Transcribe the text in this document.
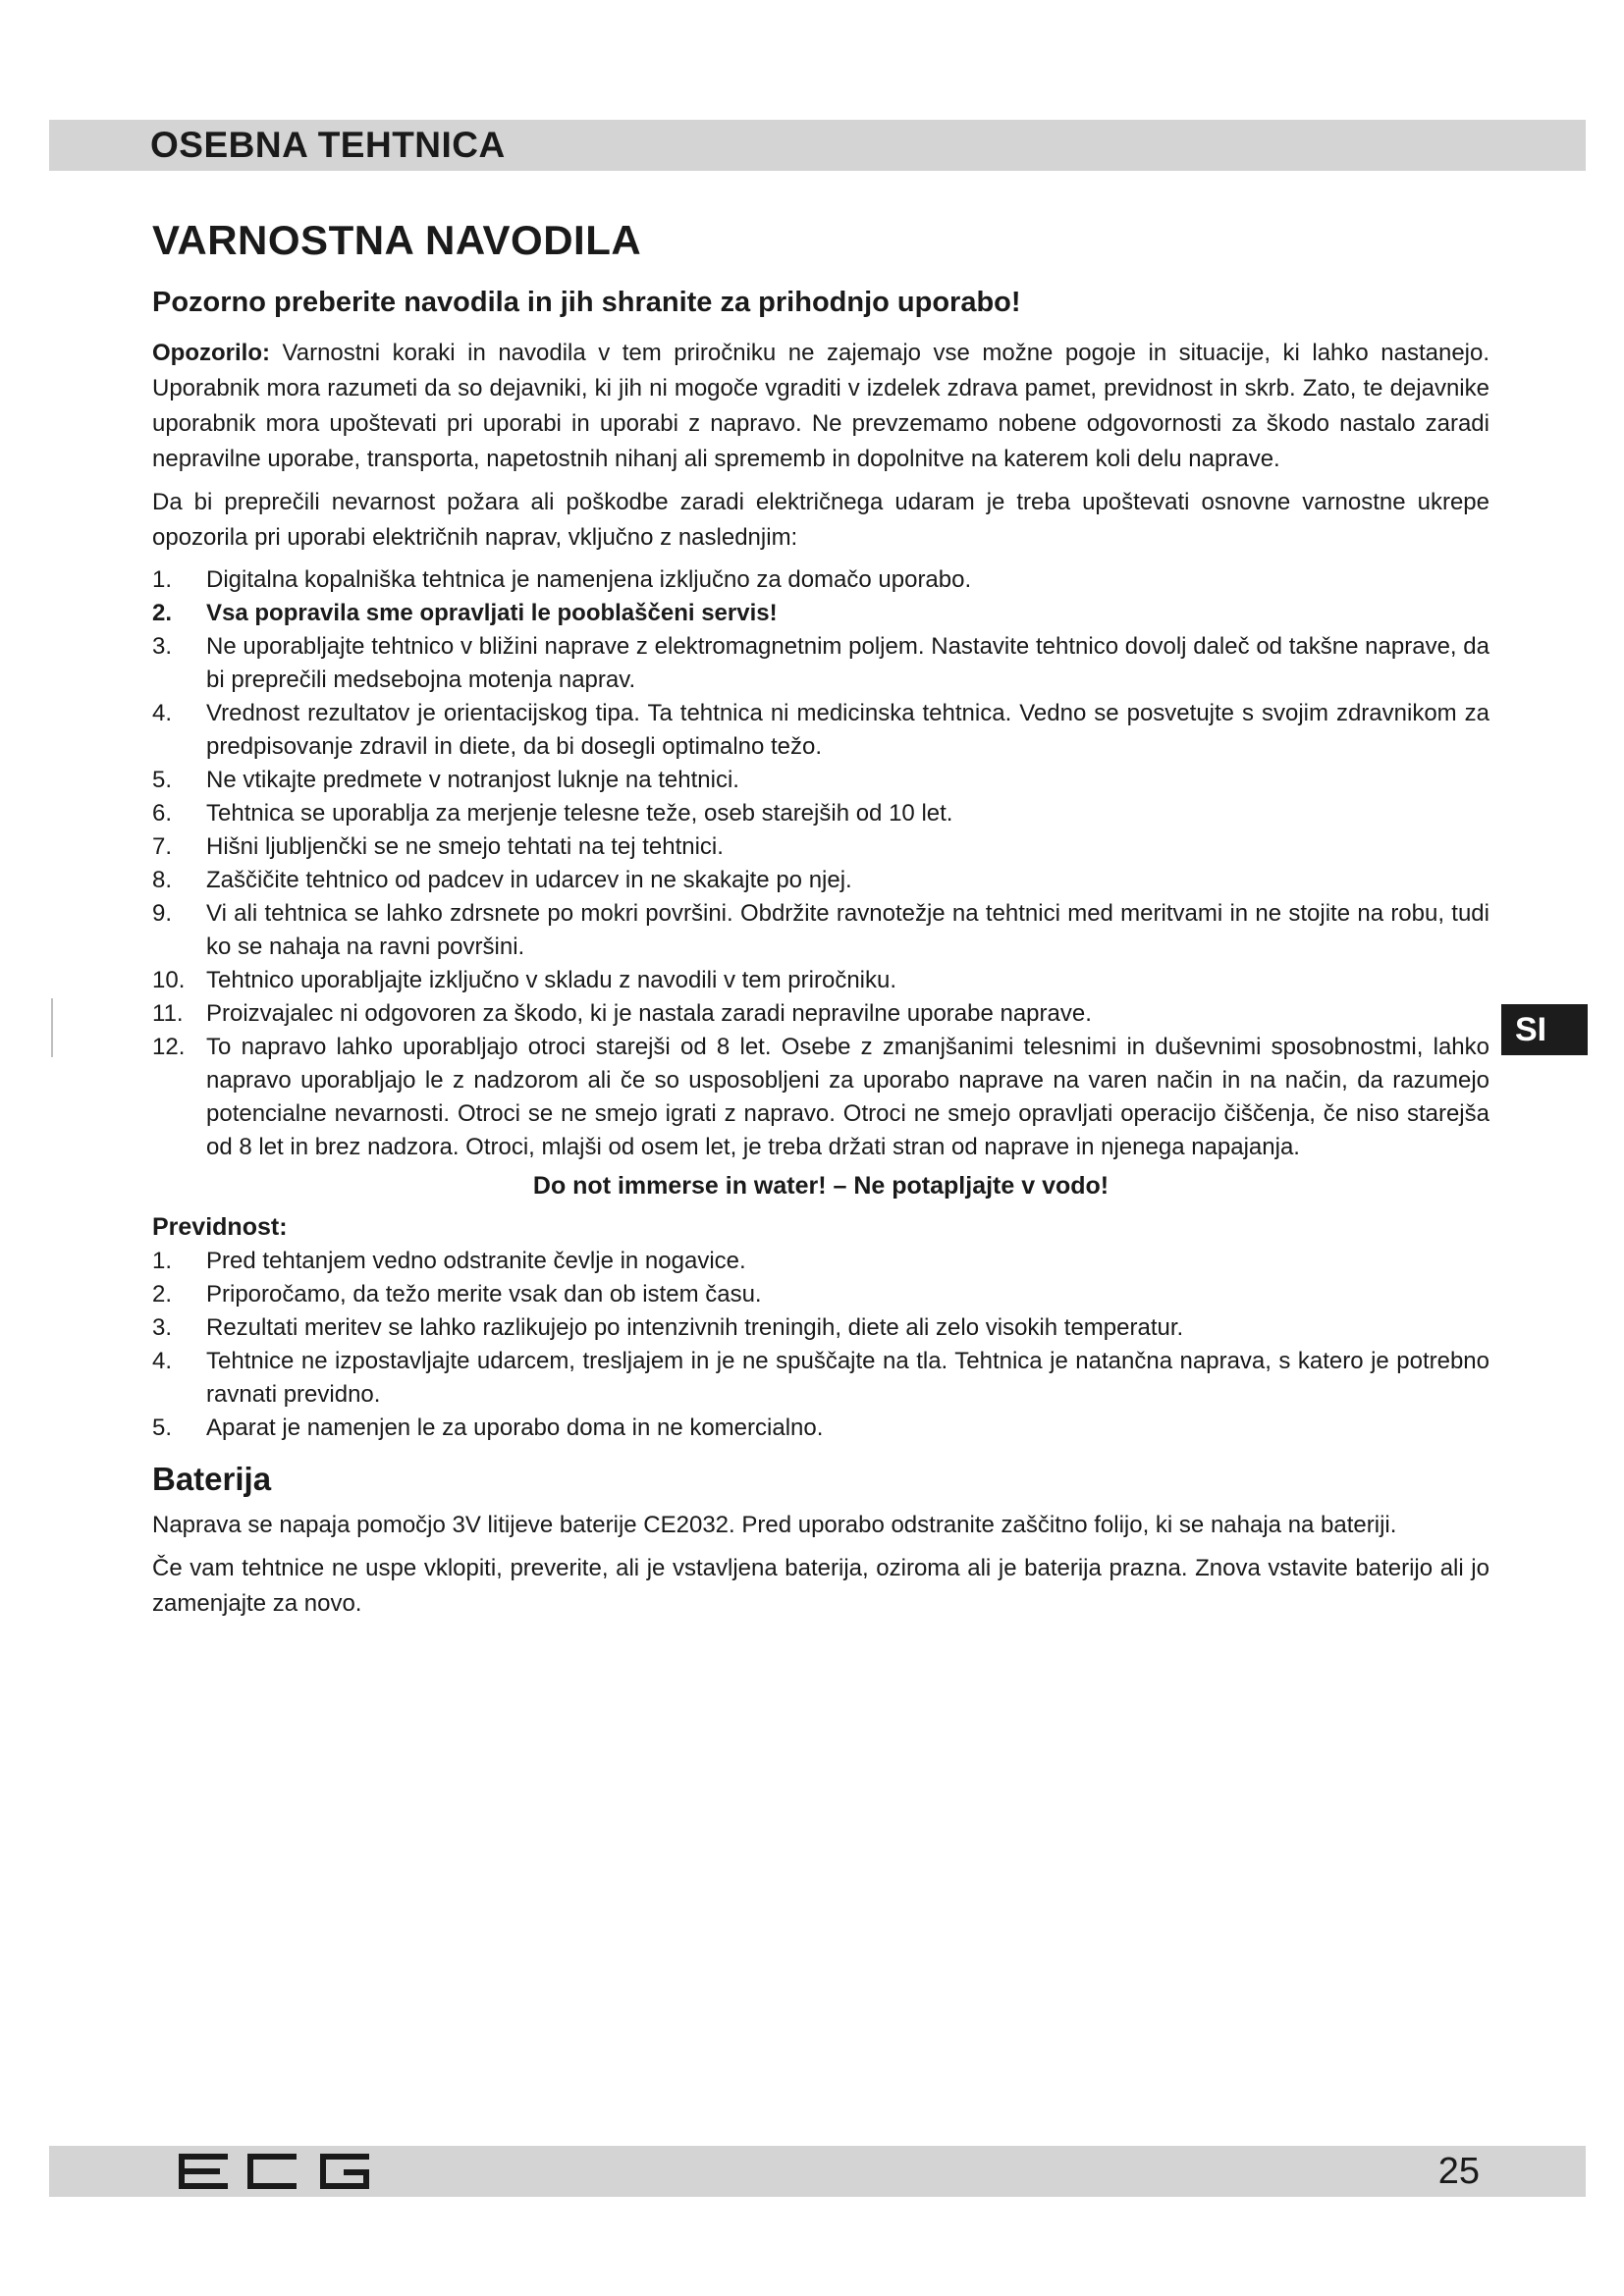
OSEBNA TEHTNICA
SI
VARNOSTNA NAVODILA
Pozorno preberite navodila in jih shranite za prihodnjo uporabo!

Opozorilo: Varnostni koraki in navodila v tem priročniku ne zajemajo vse možne pogoje in situacije, ki lahko nastanejo. Uporabnik mora razumeti da so dejavniki, ki jih ni mogoče vgraditi v izdelek zdrava pamet, previdnost in skrb. Zato, te dejavnike uporabnik mora upoštevati pri uporabi in uporabi z napravo. Ne prevzemamo nobene odgovornosti za škodo nastalo zaradi nepravilne uporabe, transporta, napetostnih nihanj ali sprememb in dopolnitve na katerem koli delu naprave.

Da bi preprečili nevarnost požara ali poškodbe zaradi električnega udaram je treba upoštevati osnovne varnostne ukrepe opozorila pri uporabi električnih naprav, vključno z naslednjim:

1. Digitalna kopalniška tehtnica je namenjena izključno za domačo uporabo.
2. Vsa popravila sme opravljati le pooblaščeni servis!
3. Ne uporabljajte tehtnico v bližini naprave z elektromagnetnim poljem. Nastavite tehtnico dovolj daleč od takšne naprave, da bi preprečili medsebojna motenja naprav.
4. Vrednost rezultatov je orientacijskog tipa. Ta tehtnica ni medicinska tehtnica. Vedno se posvetujte s svojim zdravnikom za predpisovanje zdravil in diete, da bi dosegli optimalno težo.
5. Ne vtikajte predmete v notranjost luknje na tehtnici.
6. Tehtnica se uporablja za merjenje telesne teže, oseb starejših od 10 let.
7. Hišni ljubljenčki se ne smejo tehtati na tej tehtnici.
8. Zaščičite tehtnico od padcev in udarcev in ne skakajte po njej.
9. Vi ali tehtnica se lahko zdrsnete po mokri površini. Obdržite ravnotežje na tehtnici med meritvami in ne stojite na robu, tudi ko se nahaja na ravni površini.
10. Tehtnico uporabljajte izključno v skladu z navodili v tem priročniku.
11. Proizvajalec ni odgovoren za škodo, ki je nastala zaradi nepravilne uporabe naprave.
12. To napravo lahko uporabljajo otroci starejši od 8 let. Osebe z zmanjšanimi telesnimi in duševnimi sposobnostmi, lahko napravo uporabljajo le z nadzorom ali če so usposobljeni za uporabo naprave na varen način in na način, da razumejo potencialne nevarnosti. Otroci se ne smejo igrati z napravo. Otroci ne smejo opravljati operacijo čiščenja, če niso starejša od 8 let in brez nadzora. Otroci, mlajši od osem let, je treba držati stran od naprave in njenega napajanja.
Do not immerse in water! – Ne potapljajte v vodo!
Previdnost:
1. Pred tehtanjem vedno odstranite čevlje in nogavice.
2. Priporočamo, da težo merite vsak dan ob istem času.
3. Rezultati meritev se lahko razlikujejo po intenzivnih treningih, diete ali zelo visokih temperatur.
4. Tehtnice ne izpostavljajte udarcem, tresljajem in je ne spuščajte na tla. Tehtnica je natančna naprava, s katero je potrebno ravnati previdno.
5. Aparat je namenjen le za uporabo doma in ne komercialno.
Baterija

Naprava se napaja pomočjo 3V litijeve baterije CE2032. Pred uporabo odstranite zaščitno folijo, ki se nahaja na bateriji.

Če vam tehtnice ne uspe vklopiti, preverite, ali je vstavljena baterija, oziroma ali je baterija prazna. Znova vstavite baterijo ali jo zamenjajte za novo.

25
